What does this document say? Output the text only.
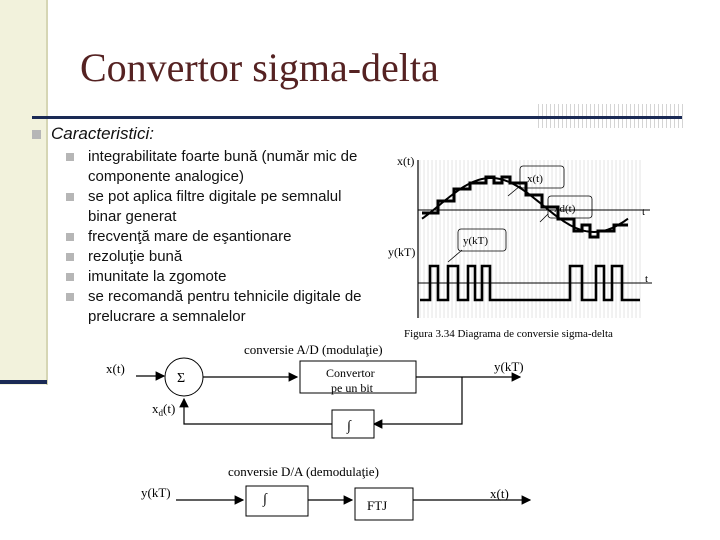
Convertor sigma-delta
Caracteristici:
integrabilitate foarte bună (număr mic de componente analogice)
se pot aplica filtre digitale pe semnalul binar generat
frecvenţă mare de eşantionare
rezoluţie bună
imunitate la zgomote
se recomandă pentru tehnicile digitale de prelucrare a semnalelor
x(t)
y(kT)
t
t
x(t)
xd(t)
y(kT)
Figura 3.34 Diagrama de conversie sigma-delta
conversie A/D (modulaţie)
x(t)
Σ	Convertor
pe un bit
y(kT)
∫
$x_d(t)$
conversie D/A (demodulaţie)
y(kT)	∫	FTJ
x(t)
